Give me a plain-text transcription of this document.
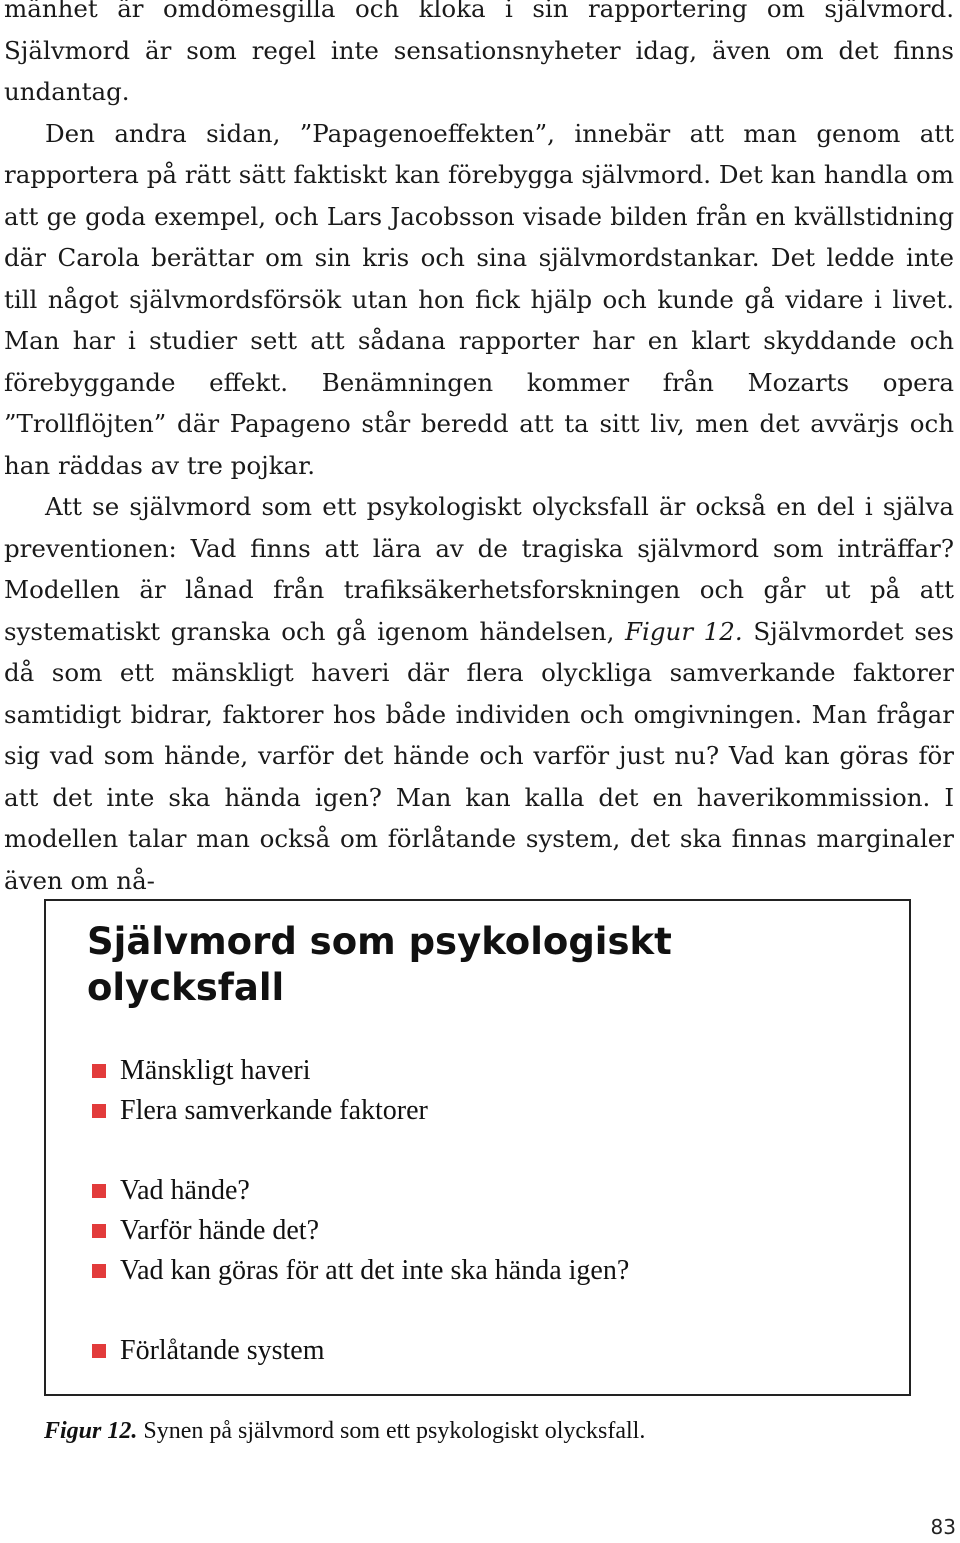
mänhet är omdömesgilla och kloka i sin rapportering om självmord. Självmord är som regel inte sensationsnyheter idag, även om det finns undantag.

Den andra sidan, ”Papagenoeffekten”, innebär att man genom att rapportera på rätt sätt faktiskt kan förebygga självmord. Det kan handla om att ge goda exempel, och Lars Jacobsson visade bilden från en kvällstidning där Carola berättar om sin kris och sina självmordstankar. Det ledde inte till något självmordsförsök utan hon fick hjälp och kunde gå vidare i livet. Man har i studier sett att sådana rapporter har en klart skyddande och förebyggande effekt. Benämningen kommer från Mozarts opera ”Trollflöjten” där Papageno står beredd att ta sitt liv, men det avvärjs och han räddas av tre pojkar.

Att se självmord som ett psykologiskt olycksfall är också en del i själva preventionen: Vad finns att lära av de tragiska självmord som inträffar? Modellen är lånad från trafiksäkerhetsforskningen och går ut på att systematiskt granska och gå igenom händelsen, Figur 12. Självmordet ses då som ett mänskligt haveri där flera olyckliga samverkande faktorer samtidigt bidrar, faktorer hos både individen och omgivningen. Man frågar sig vad som hände, varför det hände och varför just nu? Vad kan göras för att det inte ska hända igen? Man kan kalla det en haverikommission. I modellen talar man också om förlåtande system, det ska finnas marginaler även om nå-

Självmord som psykologiskt
olycksfall
Mänskligt haveri
Flera samverkande faktorer
Vad hände?
Varför hände det?
Vad kan göras för att det inte ska hända igen?
Förlåtande system
Figur 12. Synen på självmord som ett psykologiskt olycksfall.
83
